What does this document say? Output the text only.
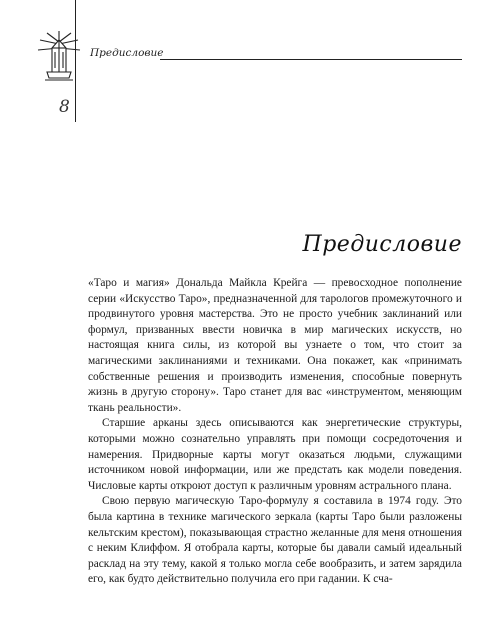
Предисловие
8
Предисловие

«Таро и магия» Дональда Майкла Крейга — превосходное пополнение серии «Искусство Таро», предназначенной для тарологов промежуточного и продвинутого уровня мастерства. Это не просто учебник заклинаний или формул, призванных ввести новичка в мир магических искусств, но настоящая книга силы, из которой вы узнаете о том, что стоит за магическими заклинаниями и техниками. Она покажет, как «принимать собственные решения и производить изменения, способные повернуть жизнь в другую сторону». Таро станет для вас «инструментом, меняющим ткань реальности».

Старшие арканы здесь описываются как энергетические структуры, которыми можно сознательно управлять при помощи сосредоточения и намерения. Придворные карты могут оказаться людьми, служащими источником новой информации, или же предстать как модели поведения. Числовые карты откроют доступ к различным уровням астрального плана.

Свою первую магическую Таро-формулу я составила в 1974 году. Это была картина в технике магического зеркала (карты Таро были разложены кельтским крестом), показывающая страстно желанные для меня отношения с неким Клиффом. Я отобрала карты, которые бы давали самый идеальный расклад на эту тему, какой я только могла себе вообразить, и затем зарядила его, как будто действительно получила его при гадании. К сча-
